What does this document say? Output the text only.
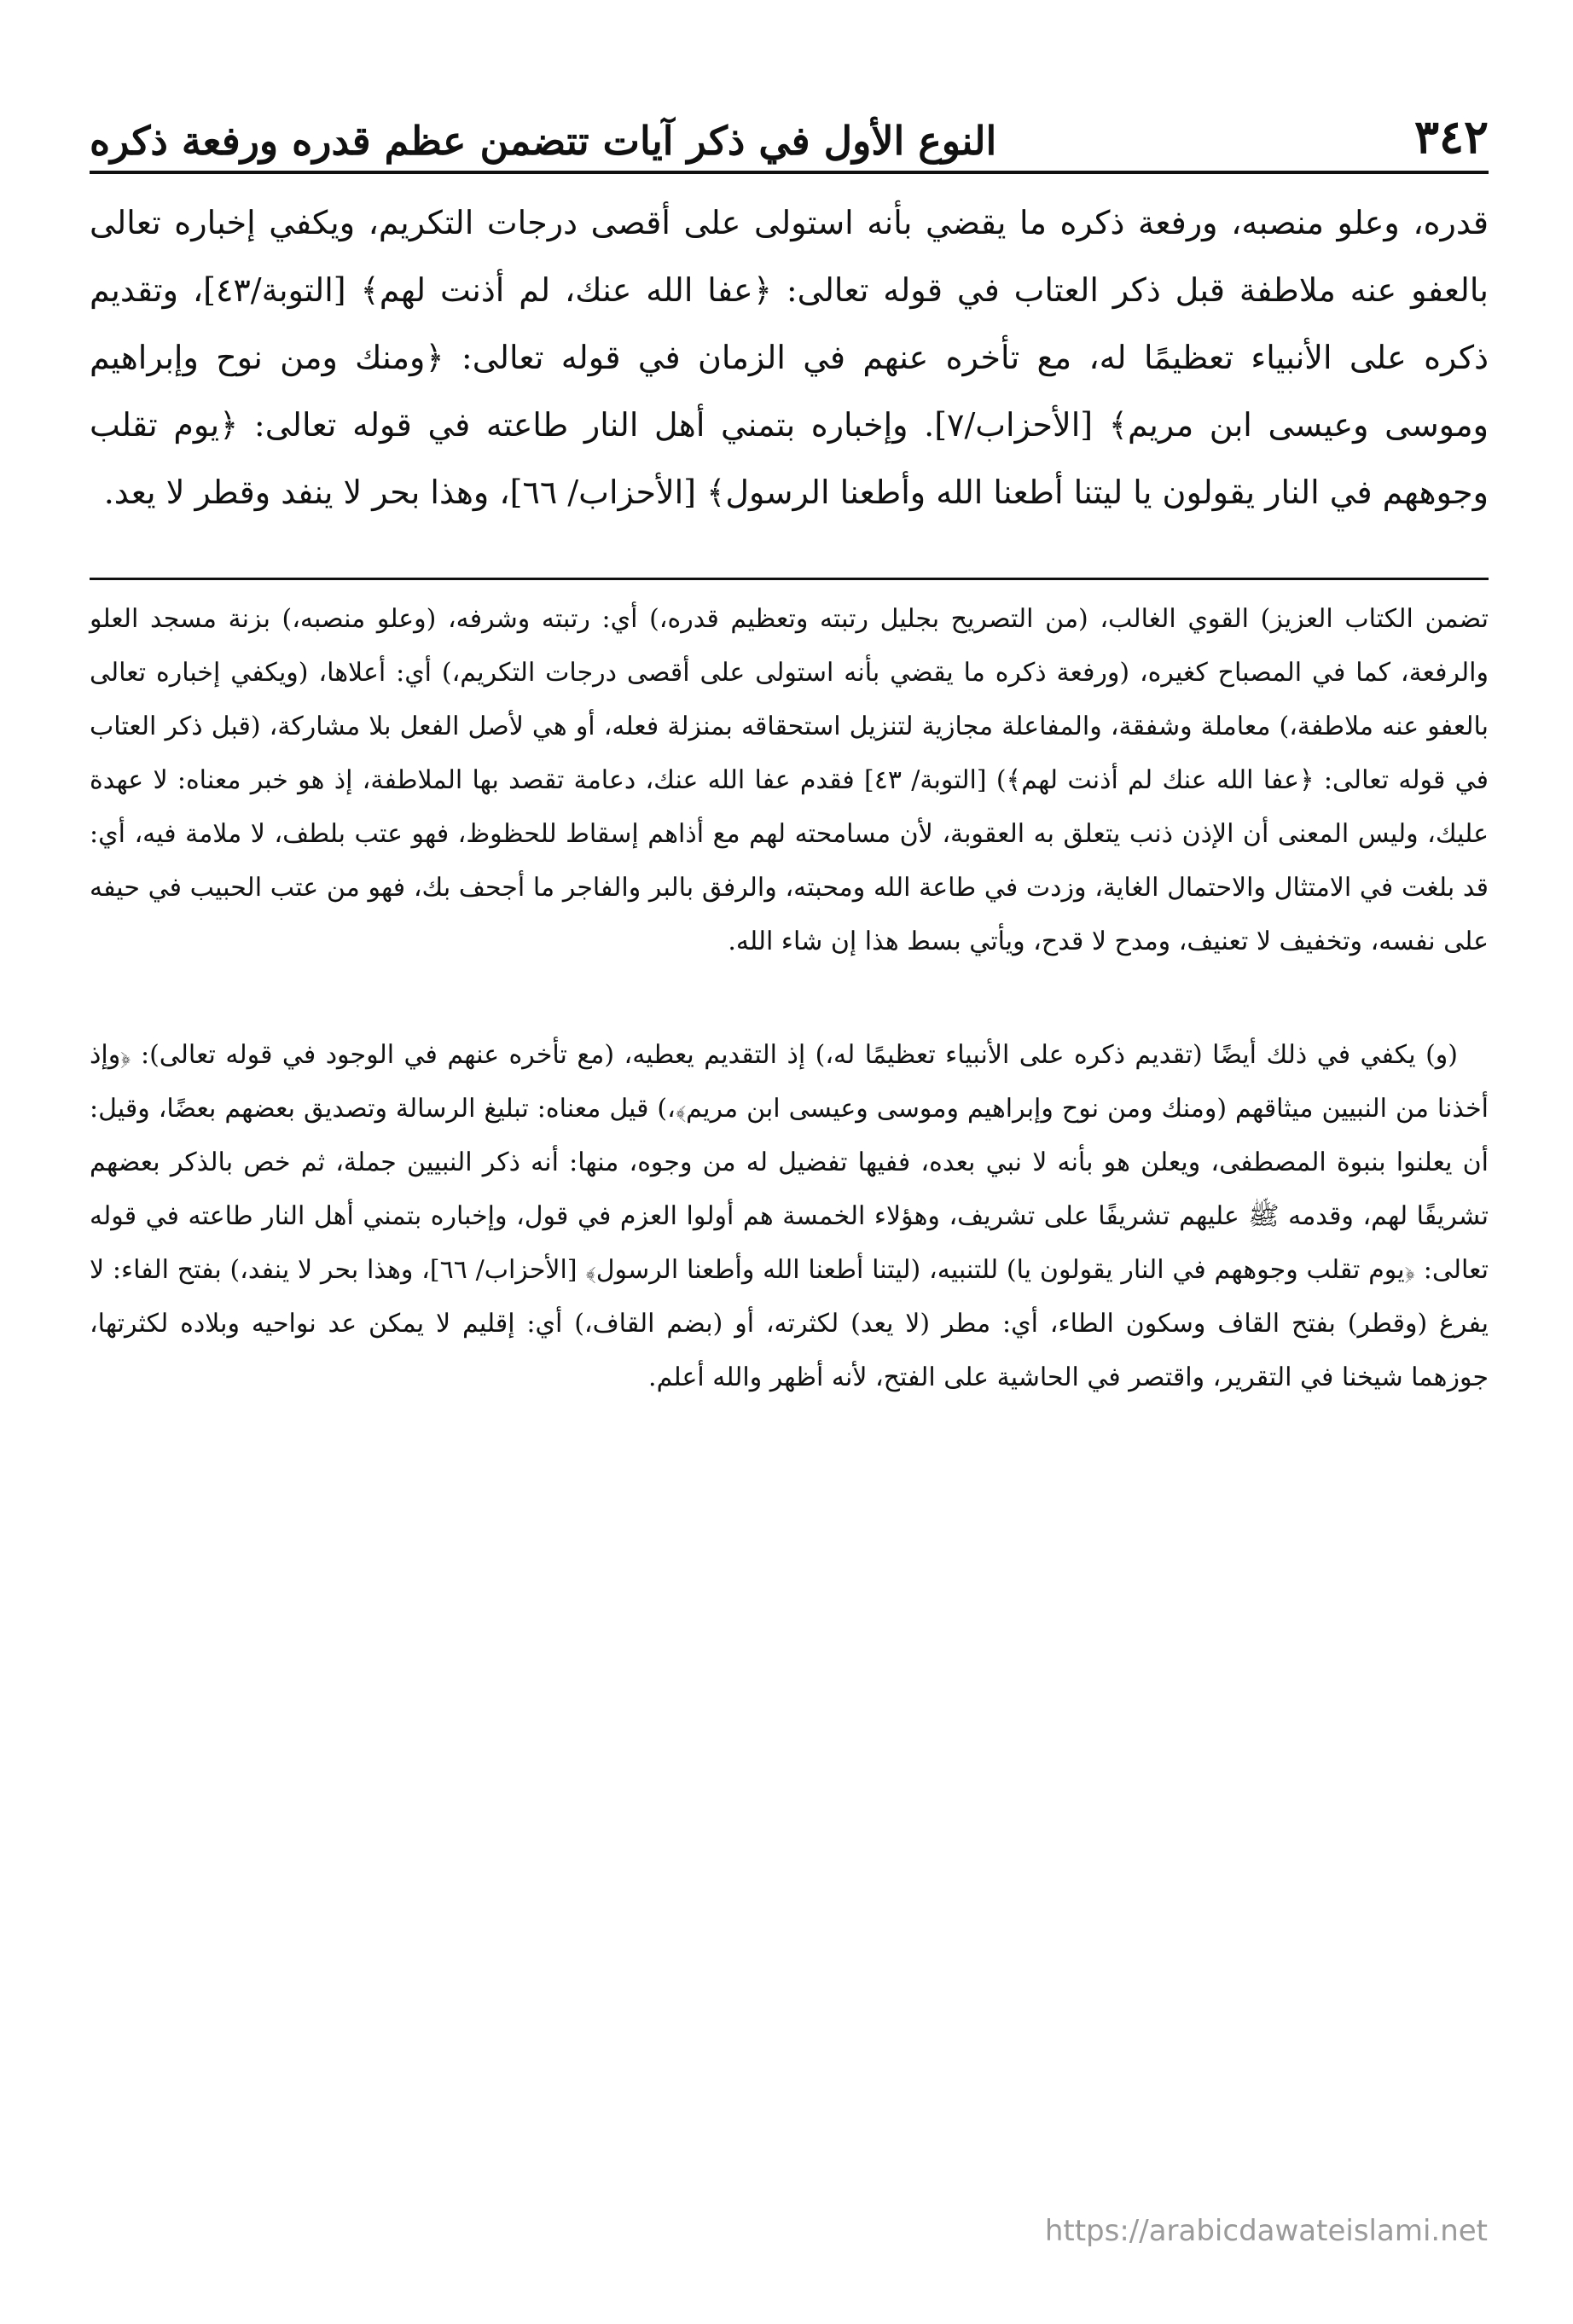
٣٤٢
النوع الأول في ذكر آيات تتضمن عظم قدره ورفعة ذكره
قدره، وعلو منصبه، ورفعة ذكره ما يقضي بأنه استولى على أقصى درجات التكريم، ويكفي إخباره تعالى بالعفو عنه ملاطفة قبل ذكر العتاب في قوله تعالى: ﴿عفا الله عنك، لم أذنت لهم﴾ [التوبة/٤٣]، وتقديم ذكره على الأنبياء تعظيمًا له، مع تأخره عنهم في الزمان في قوله تعالى: ﴿ومنك ومن نوح وإبراهيم وموسى وعيسى ابن مريم﴾ [الأحزاب/٧]. وإخباره بتمني أهل النار طاعته في قوله تعالى: ﴿يوم تقلب وجوههم في النار يقولون يا ليتنا أطعنا الله وأطعنا الرسول﴾ [الأحزاب/ ٦٦]، وهذا بحر لا ينفد وقطر لا يعد.

تضمن الكتاب العزيز) القوي الغالب، (من التصريح بجليل رتبته وتعظيم قدره،) أي: رتبته وشرفه، (وعلو منصبه،) بزنة مسجد العلو والرفعة، كما في المصباح كغيره، (ورفعة ذكره ما يقضي بأنه استولى على أقصى درجات التكريم،) أي: أعلاها، (ويكفي إخباره تعالى بالعفو عنه ملاطفة،) معاملة وشفقة، والمفاعلة مجازية لتنزيل استحقاقه بمنزلة فعله، أو هي لأصل الفعل بلا مشاركة، (قبل ذكر العتاب في قوله تعالى: ﴿عفا الله عنك لم أذنت لهم﴾) [التوبة/ ٤٣] فقدم عفا الله عنك، دعامة تقصد بها الملاطفة، إذ هو خبر معناه: لا عهدة عليك، وليس المعنى أن الإذن ذنب يتعلق به العقوبة، لأن مسامحته لهم مع أذاهم إسقاط للحظوظ، فهو عتب بلطف، لا ملامة فيه، أي: قد بلغت في الامتثال والاحتمال الغاية، وزدت في طاعة الله ومحبته، والرفق بالبر والفاجر ما أجحف بك، فهو من عتب الحبيب في حيفه على نفسه، وتخفيف لا تعنيف، ومدح لا قدح، ويأتي بسط هذا إن شاء الله.

(و) يكفي في ذلك أيضًا (تقديم ذكره على الأنبياء تعظيمًا له،) إذ التقديم يعطيه، (مع تأخره عنهم في الوجود في قوله تعالى): ﴿وإذ أخذنا من النبيين ميثاقهم (ومنك ومن نوح وإبراهيم وموسى وعيسى ابن مريم﴾،) قيل معناه: تبليغ الرسالة وتصديق بعضهم بعضًا، وقيل: أن يعلنوا بنبوة المصطفى، ويعلن هو بأنه لا نبي بعده، ففيها تفضيل له من وجوه، منها: أنه ذكر النبيين جملة، ثم خص بالذكر بعضهم تشريفًا لهم، وقدمه ﷺ عليهم تشريفًا على تشريف، وهؤلاء الخمسة هم أولوا العزم في قول، وإخباره بتمني أهل النار طاعته في قوله تعالى: ﴿يوم تقلب وجوههم في النار يقولون يا) للتنبيه، (ليتنا أطعنا الله وأطعنا الرسول﴾ [الأحزاب/ ٦٦]، وهذا بحر لا ينفد،) بفتح الفاء: لا يفرغ (وقطر) بفتح القاف وسكون الطاء، أي: مطر (لا يعد) لكثرته، أو (بضم القاف،) أي: إقليم لا يمكن عد نواحيه وبلاده لكثرتها، جوزهما شيخنا في التقرير، واقتصر في الحاشية على الفتح، لأنه أظهر والله أعلم.

https://arabicdawateislami.net
